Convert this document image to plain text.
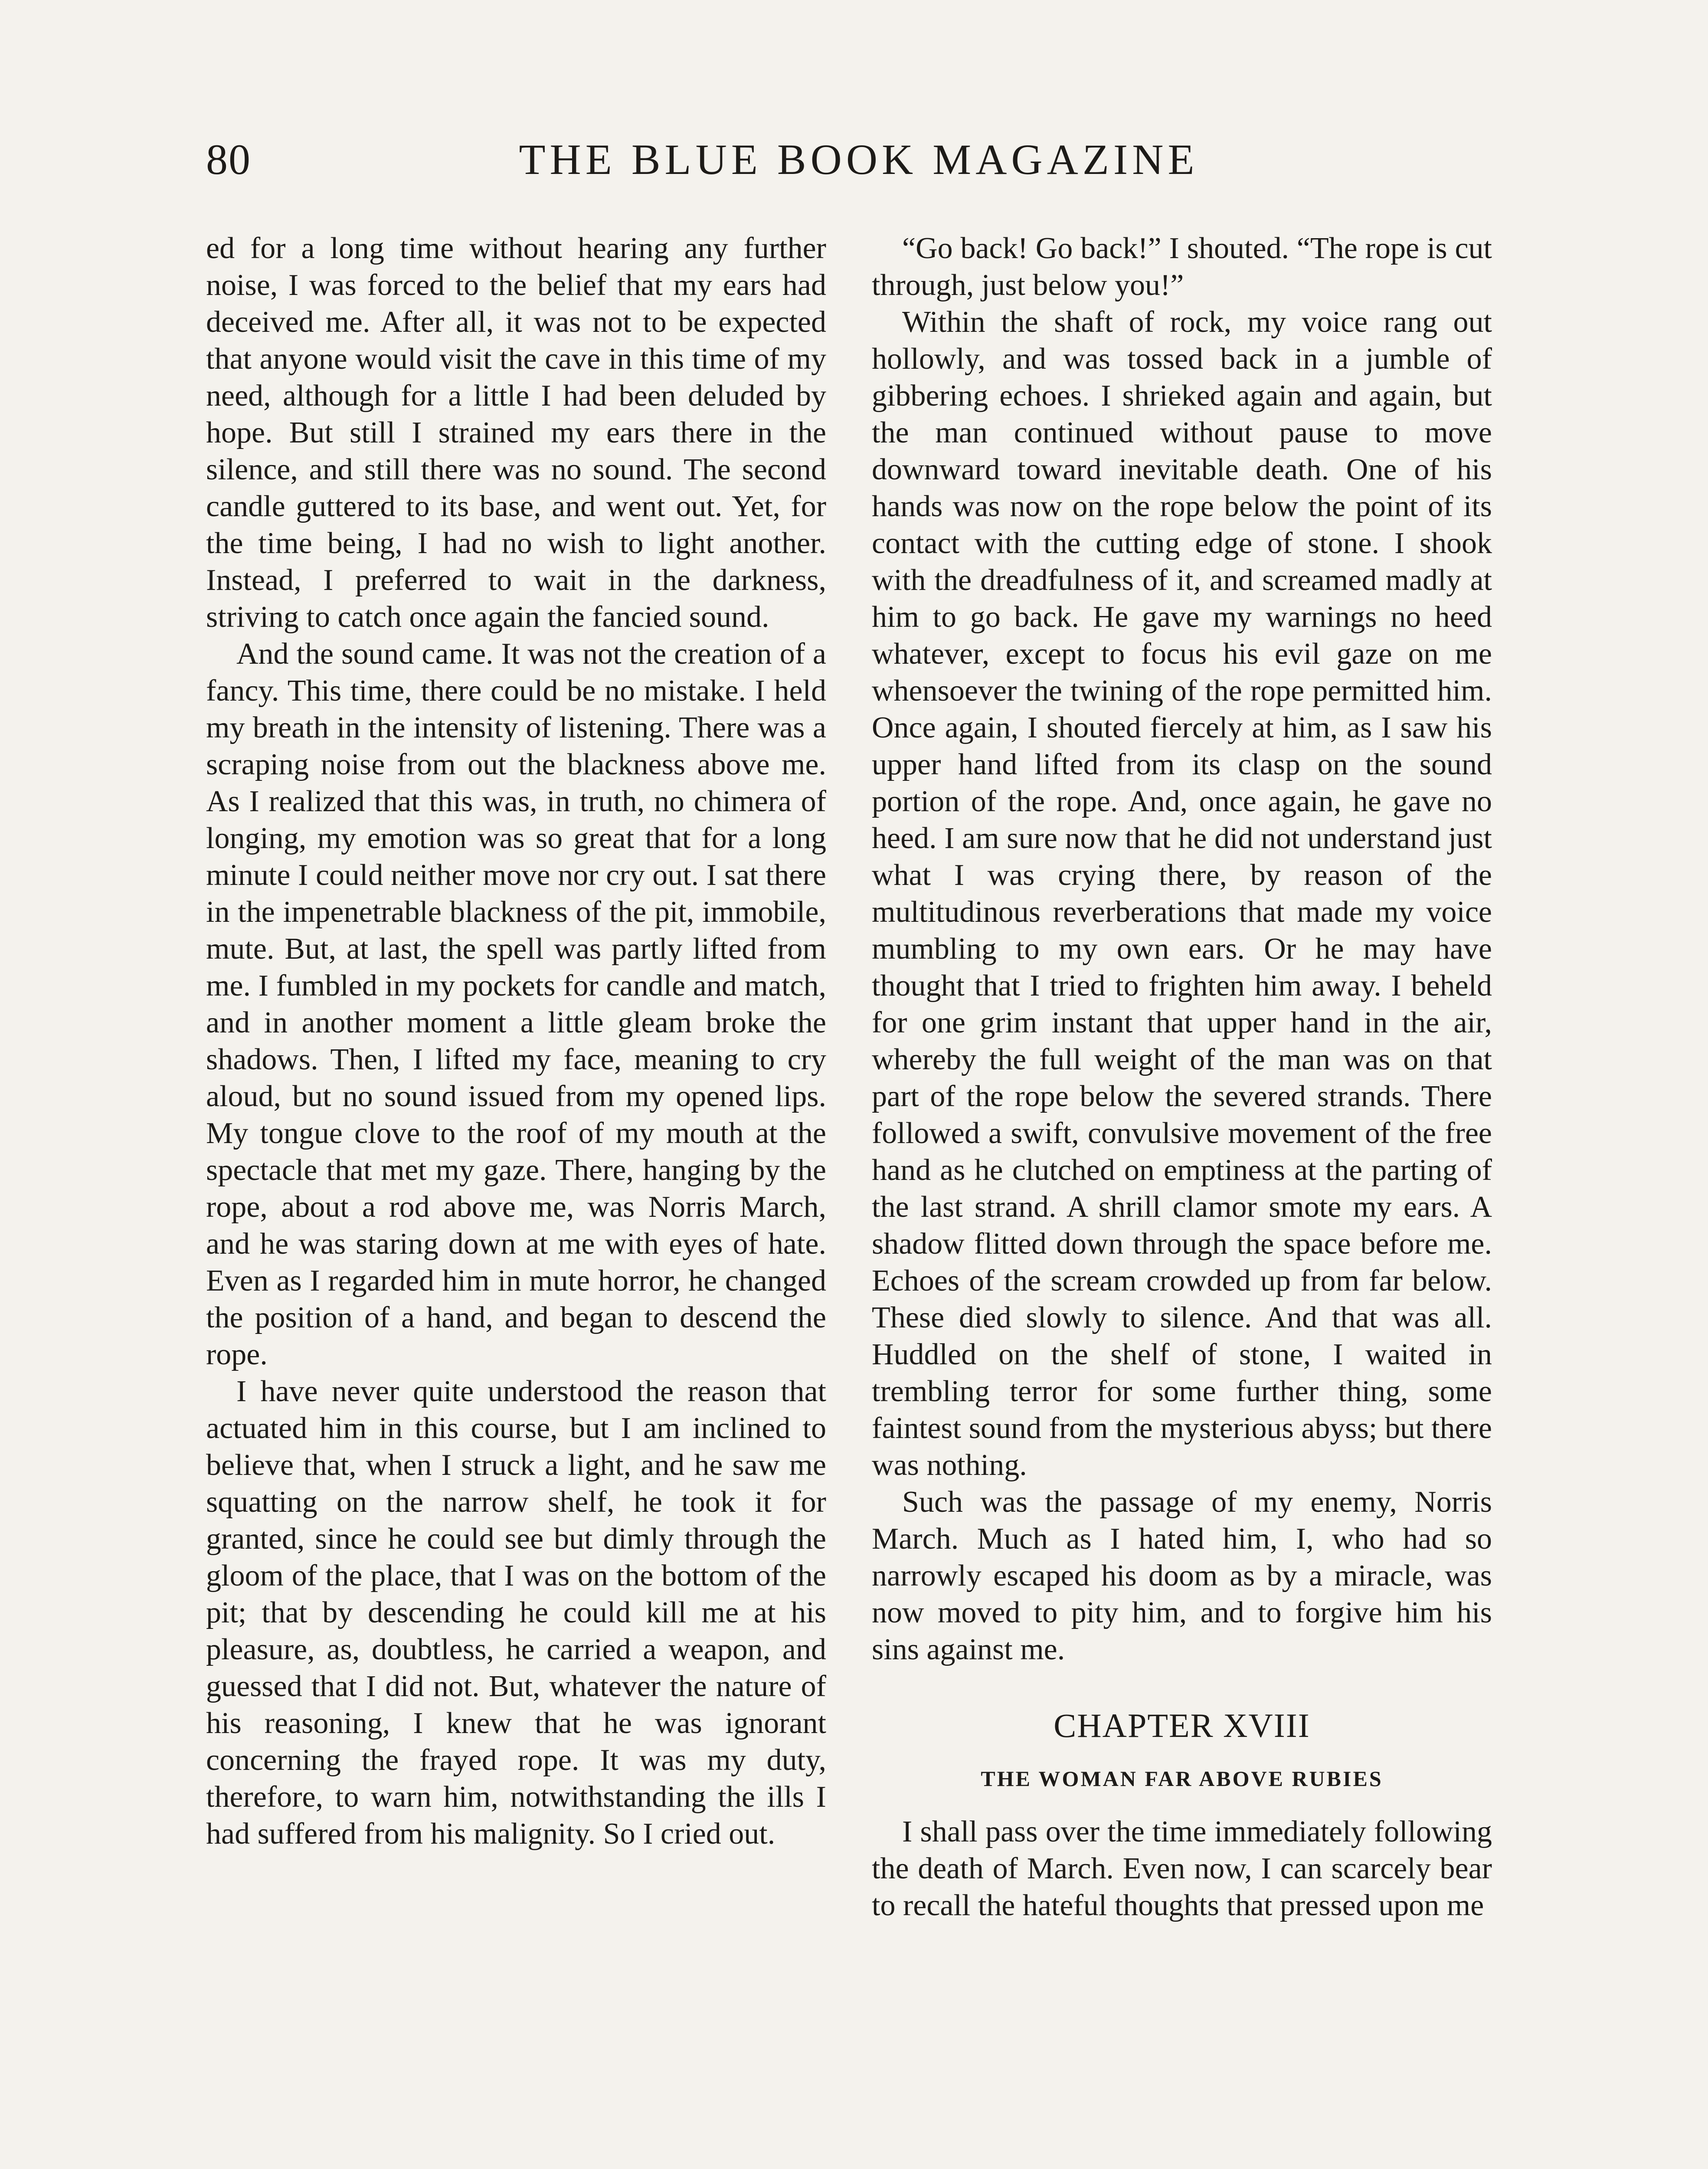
80	THE BLUE BOOK MAGAZINE

ed for a long time without hearing any further noise, I was forced to the belief that my ears had deceived me. After all, it was not to be expected that anyone would visit the cave in this time of my need, although for a little I had been deluded by hope. But still I strained my ears there in the silence, and still there was no sound. The second candle guttered to its base, and went out. Yet, for the time being, I had no wish to light another. Instead, I preferred to wait in the darkness, striving to catch once again the fancied sound.

And the sound came. It was not the creation of a fancy. This time, there could be no mistake. I held my breath in the intensity of listening. There was a scraping noise from out the blackness above me. As I realized that this was, in truth, no chimera of longing, my emotion was so great that for a long minute I could neither move nor cry out. I sat there in the impenetrable blackness of the pit, immobile, mute. But, at last, the spell was partly lifted from me. I fumbled in my pockets for candle and match, and in another moment a little gleam broke the shadows. Then, I lifted my face, meaning to cry aloud, but no sound issued from my opened lips. My tongue clove to the roof of my mouth at the spectacle that met my gaze. There, hanging by the rope, about a rod above me, was Norris March, and he was staring down at me with eyes of hate. Even as I regarded him in mute horror, he changed the position of a hand, and began to descend the rope.

I have never quite understood the reason that actuated him in this course, but I am inclined to believe that, when I struck a light, and he saw me squatting on the narrow shelf, he took it for granted, since he could see but dimly through the gloom of the place, that I was on the bottom of the pit; that by descending he could kill me at his pleasure, as, doubtless, he carried a weapon, and guessed that I did not. But, whatever the nature of his reasoning, I knew that he was ignorant concerning the frayed rope. It was my duty, therefore, to warn him, notwithstanding the ills I had suffered from his malignity. So I cried out.

“Go back! Go back!” I shouted. “The rope is cut through, just below you!”

Within the shaft of rock, my voice rang out hollowly, and was tossed back in a jumble of gibbering echoes. I shrieked again and again, but the man continued without pause to move downward toward inevitable death. One of his hands was now on the rope below the point of its contact with the cutting edge of stone. I shook with the dreadfulness of it, and screamed madly at him to go back. He gave my warnings no heed whatever, except to focus his evil gaze on me whensoever the twining of the rope permitted him. Once again, I shouted fiercely at him, as I saw his upper hand lifted from its clasp on the sound portion of the rope. And, once again, he gave no heed. I am sure now that he did not understand just what I was crying there, by reason of the multitudinous reverberations that made my voice mumbling to my own ears. Or he may have thought that I tried to frighten him away. I beheld for one grim instant that upper hand in the air, whereby the full weight of the man was on that part of the rope below the severed strands. There followed a swift, convulsive movement of the free hand as he clutched on emptiness at the parting of the last strand. A shrill clamor smote my ears. A shadow flitted down through the space before me. Echoes of the scream crowded up from far below. These died slowly to silence. And that was all. Huddled on the shelf of stone, I waited in trembling terror for some further thing, some faintest sound from the mysterious abyss; but there was nothing.

Such was the passage of my enemy, Norris March. Much as I hated him, I, who had so narrowly escaped his doom as by a miracle, was now moved to pity him, and to forgive him his sins against me.

CHAPTER XVIII
THE WOMAN FAR ABOVE RUBIES

I shall pass over the time immediately following the death of March. Even now, I can scarcely bear to recall the hateful thoughts that pressed upon me
